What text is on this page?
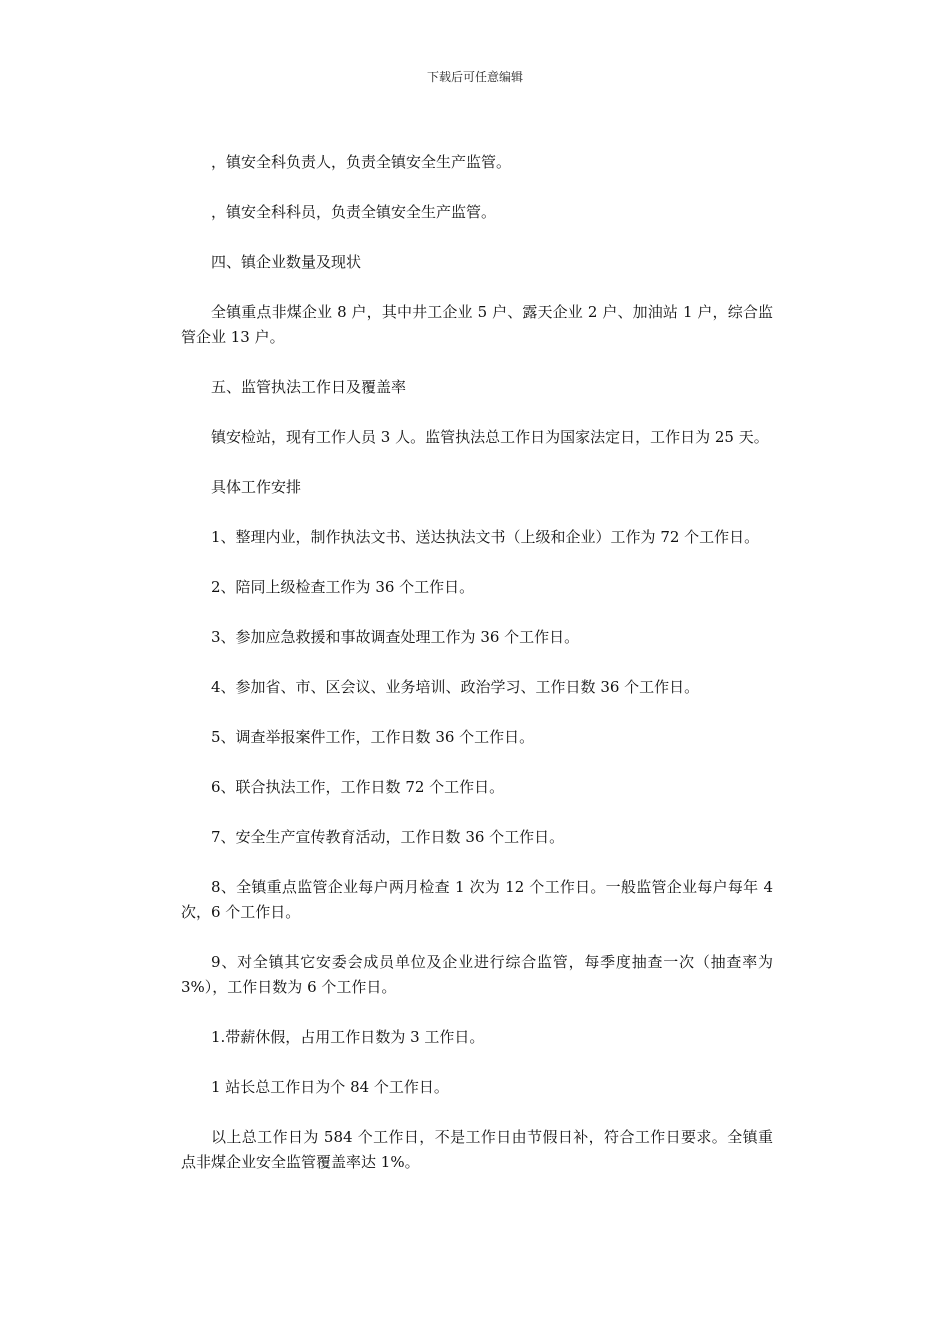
下载后可任意编辑

，镇安全科负责人，负责全镇安全生产监管。

，镇安全科科员，负责全镇安全生产监管。

四、镇企业数量及现状

全镇重点非煤企业 8 户，其中井工企业 5 户、露天企业 2 户、加油站 1 户，综合监管企业 13 户。

五、监管执法工作日及覆盖率

镇安检站，现有工作人员 3 人。监管执法总工作日为国家法定日，工作日为 25 天。

具体工作安排

1、整理内业，制作执法文书、送达执法文书（上级和企业）工作为 72 个工作日。

2、陪同上级检查工作为 36 个工作日。

3、参加应急救援和事故调查处理工作为 36 个工作日。

4、参加省、市、区会议、业务培训、政治学习、工作日数 36 个工作日。

5、调查举报案件工作，工作日数 36 个工作日。

6、联合执法工作，工作日数 72 个工作日。

7、安全生产宣传教育活动，工作日数 36 个工作日。

8、全镇重点监管企业每户两月检查 1 次为 12 个工作日。一般监管企业每户每年 4 次，6 个工作日。

9、对全镇其它安委会成员单位及企业进行综合监管，每季度抽查一次（抽查率为 3%），工作日数为 6 个工作日。

1.带薪休假，占用工作日数为 3 工作日。

1 站长总工作日为个 84 个工作日。

以上总工作日为 584 个工作日，不是工作日由节假日补，符合工作日要求。全镇重点非煤企业安全监管覆盖率达 1%。
